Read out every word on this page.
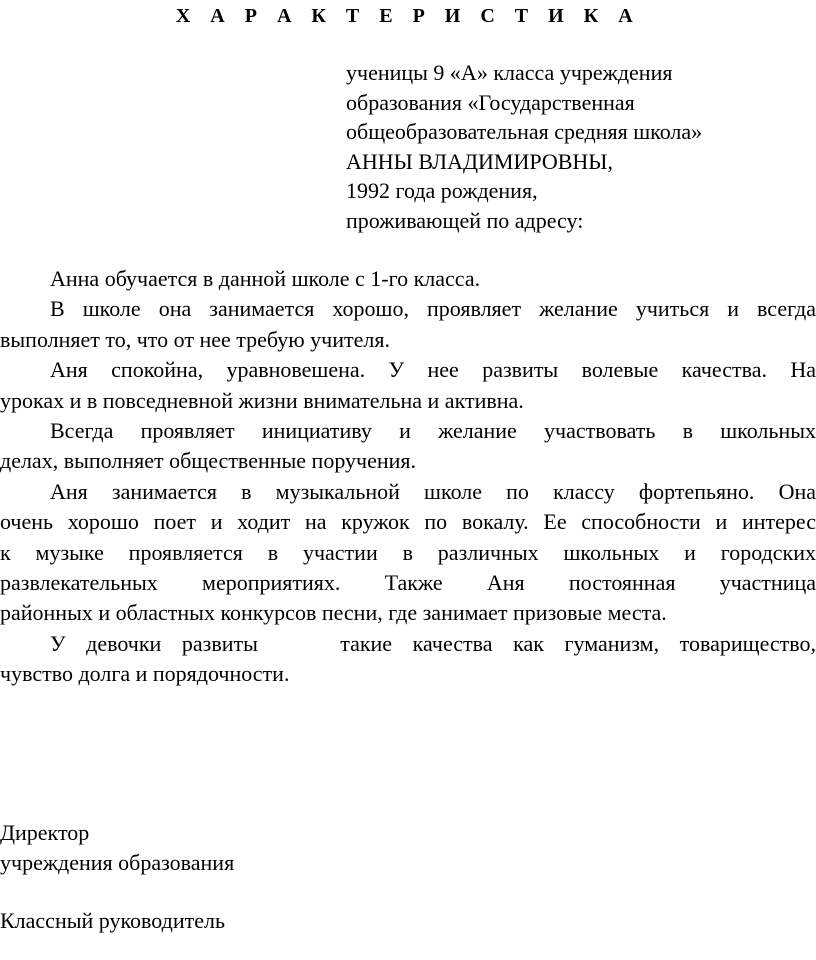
Х А Р А К Т Е Р И С Т И К А
ученицы 9 «А» класса учреждения
образования «Государственная
общеобразовательная средняя школа»
АННЫ ВЛАДИМИРОВНЫ,
1992 года рождения,
проживающей по адресу:
Анна обучается в данной школе с 1-го класса.
В школе она занимается хорошо, проявляет желание учиться и всегда
выполняет то, что от нее требую учителя.
Аня спокойна, уравновешена. У нее развиты волевые качества. На
уроках и в повседневной жизни внимательна и активна.
Всегда проявляет инициативу и желание участвовать в школьных
делах, выполняет общественные поручения.
Аня занимается в музыкальной школе по классу фортепьяно. Она
очень хорошо поет и ходит на кружок по вокалу. Ее способности и интерес
к музыке проявляется в участии в различных школьных и городских
развлекательных мероприятиях. Также Аня постоянная участница
районных и областных конкурсов песни, где занимает призовые места.
У девочки развиты    такие качества как гуманизм, товарищество,
чувство долга и порядочности.
Директор
учреждения образования
Классный руководитель
